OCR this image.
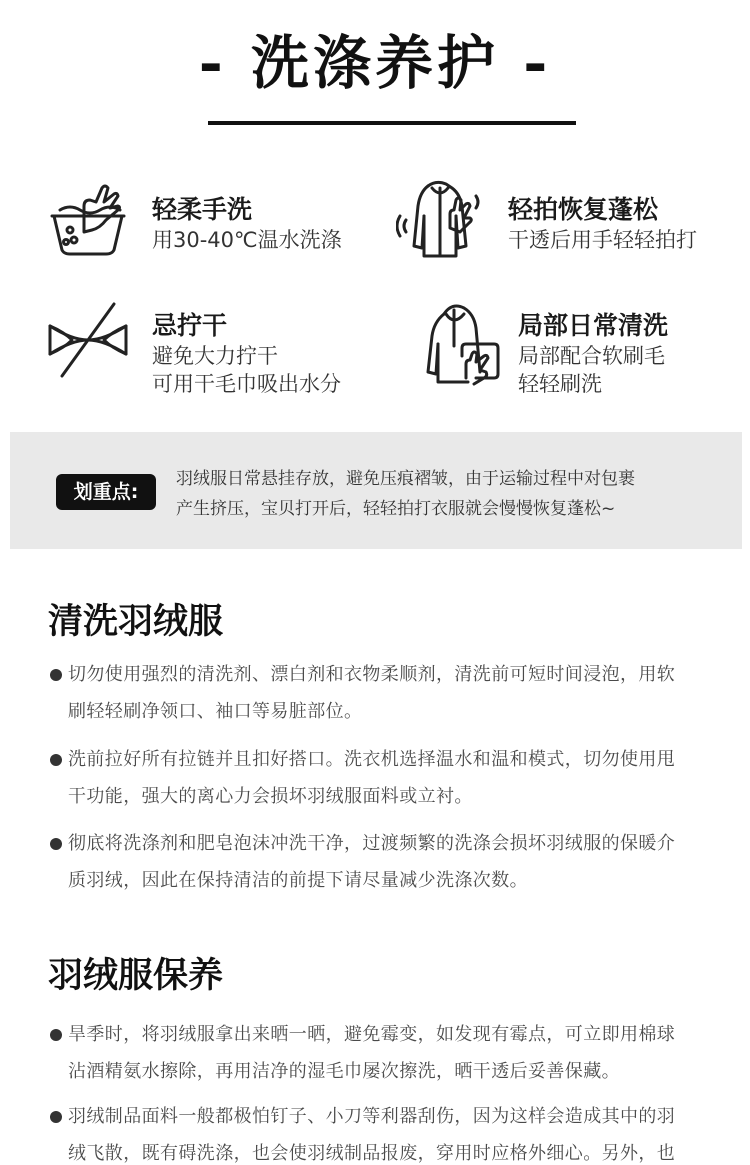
- 洗涤养护 -
轻柔手洗
用30-40℃温水洗涤
轻拍恢复蓬松
干透后用手轻轻拍打
忌拧干
避免大力拧干
可用干毛巾吸出水分
局部日常清洗
局部配合软刷毛
轻轻刷洗
划重点:
羽绒服日常悬挂存放，避免压痕褶皱，由于运输过程中对包裹
产生挤压，宝贝打开后，轻轻拍打衣服就会慢慢恢复蓬松~
清洗羽绒服
切勿使用强烈的清洗剂、漂白剂和衣物柔顺剂，清洗前可短时间浸泡，用软
刷轻轻刷净领口、袖口等易脏部位。
洗前拉好所有拉链并且扣好搭口。洗衣机选择温水和温和模式，切勿使用甩
干功能，强大的离心力会损坏羽绒服面料或立衬。
彻底将洗涤剂和肥皂泡沫冲洗干净，过渡频繁的洗涤会损坏羽绒服的保暖介
质羽绒，因此在保持清洁的前提下请尽量减少洗涤次数。
羽绒服保养
旱季时，将羽绒服拿出来晒一晒，避免霉变，如发现有霉点，可立即用棉球
沾酒精氨水擦除，再用洁净的湿毛巾屡次擦洗，晒干透后妥善保藏。
羽绒制品面料一般都极怕钉子、小刀等利器刮伤，因为这样会造成其中的羽
绒飞散，既有碍洗涤，也会使羽绒制品报废，穿用时应格外细心。另外，也
